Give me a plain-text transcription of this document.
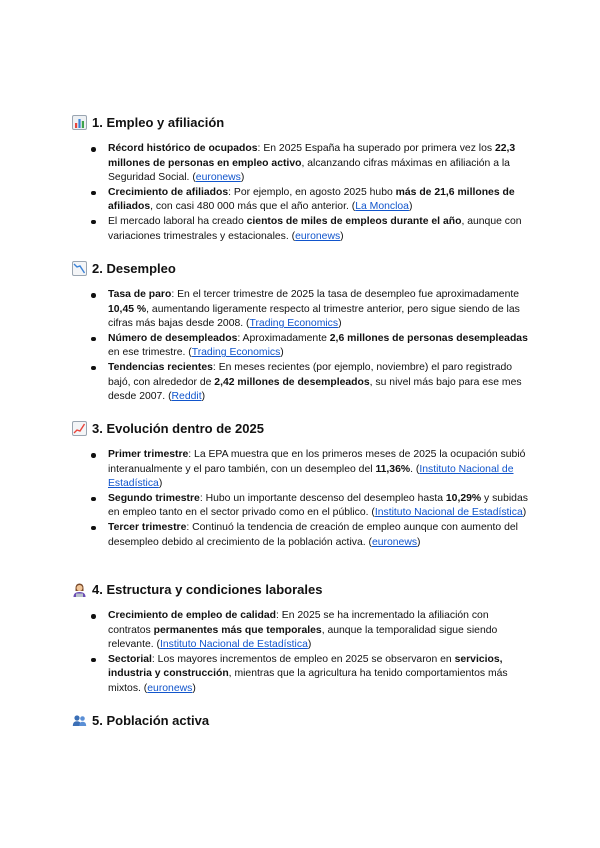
1. Empleo y afiliación
Récord histórico de ocupados: En 2025 España ha superado por primera vez los 22,3 millones de personas en empleo activo, alcanzando cifras máximas en afiliación a la Seguridad Social. (euronews)
Crecimiento de afiliados: Por ejemplo, en agosto 2025 hubo más de 21,6 millones de afiliados, con casi 480 000 más que el año anterior. (La Moncloa)
El mercado laboral ha creado cientos de miles de empleos durante el año, aunque con variaciones trimestrales y estacionales. (euronews)
2. Desempleo
Tasa de paro: En el tercer trimestre de 2025 la tasa de desempleo fue aproximadamente 10,45 %, aumentando ligeramente respecto al trimestre anterior, pero sigue siendo de las cifras más bajas desde 2008. (Trading Economics)
Número de desempleados: Aproximadamente 2,6 millones de personas desempleadas en ese trimestre. (Trading Economics)
Tendencias recientes: En meses recientes (por ejemplo, noviembre) el paro registrado bajó, con alrededor de 2,42 millones de desempleados, su nivel más bajo para ese mes desde 2007. (Reddit)
3. Evolución dentro de 2025
Primer trimestre: La EPA muestra que en los primeros meses de 2025 la ocupación subió interanualmente y el paro también, con un desempleo del 11,36%. (Instituto Nacional de Estadística)
Segundo trimestre: Hubo un importante descenso del desempleo hasta 10,29% y subidas en empleo tanto en el sector privado como en el público. (Instituto Nacional de Estadística)
Tercer trimestre: Continuó la tendencia de creación de empleo aunque con aumento del desempleo debido al crecimiento de la población activa. (euronews)
4. Estructura y condiciones laborales
Crecimiento de empleo de calidad: En 2025 se ha incrementado la afiliación con contratos permanentes más que temporales, aunque la temporalidad sigue siendo relevante. (Instituto Nacional de Estadística)
Sectorial: Los mayores incrementos de empleo en 2025 se observaron en servicios, industria y construcción, mientras que la agricultura ha tenido comportamientos más mixtos. (euronews)
5. Población activa
